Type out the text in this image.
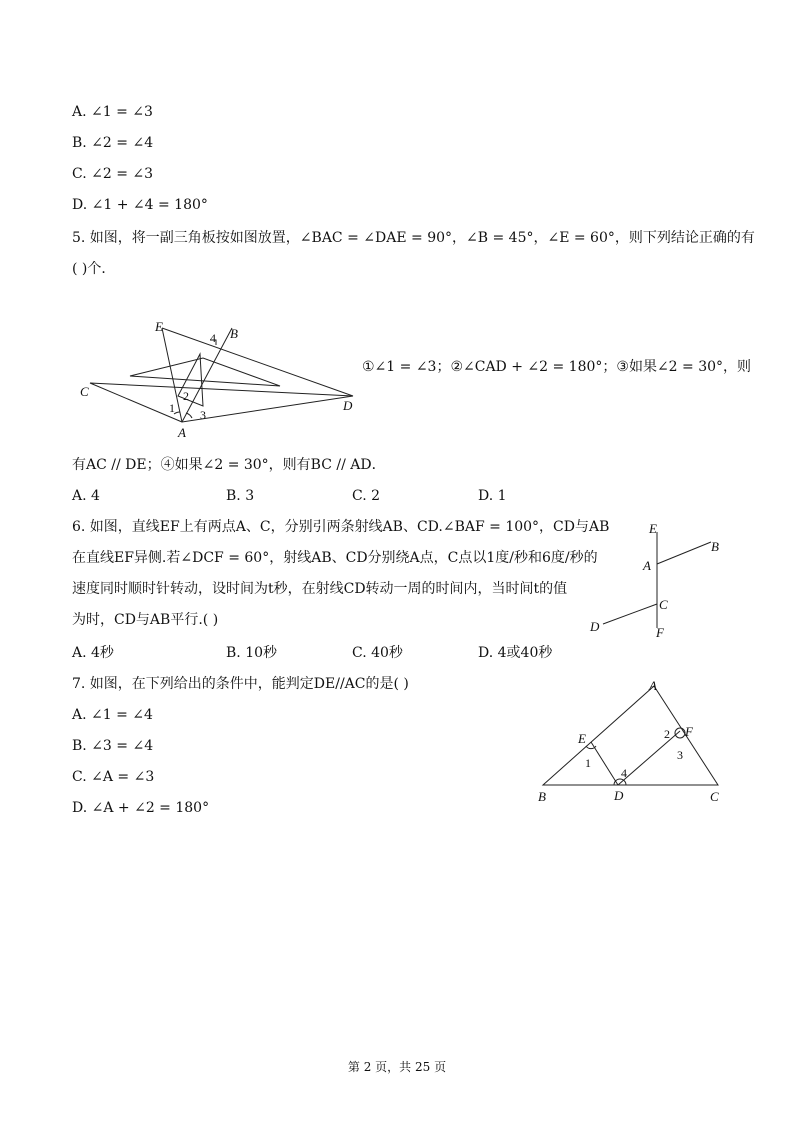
A. ∠1 = ∠3
B. ∠2 = ∠4
C. ∠2 = ∠3
D. ∠1 + ∠4 = 180°
5. 如图，将一副三角板按如图放置，∠BAC = ∠DAE = 90°，∠B = 45°，∠E = 60°，则下列结论正确的有
( )个．
E	B
C
D
A
1
2
3
4
①∠1 = ∠3；②∠CAD + ∠2 = 180°；③如果∠2 = 30°，则
有AC // DE；④如果∠2 = 30°，则有BC // AD．
A. 4	B. 3	C. 2	D. 1
6. 如图，直线EF上有两点A、C，分别引两条射线AB、CD.∠BAF = 100°，CD与AB
在直线EF异侧.若∠DCF = 60°，射线AB、CD分别绕A点，C点以1度/秒和6度/秒的
速度同时顺时针转动，设时间为t秒，在射线CD转动一周的时间内，当时间t的值
为时，CD与AB平行.( )
E
B
A
C
D	F
A. 4秒	B. 10秒	C. 40秒	D. 4或40秒
7. 如图，在下列给出的条件中，能判定DE//AC的是( )
A. ∠1 = ∠4
B. ∠3 = ∠4
C. ∠A = ∠3
D. ∠A + ∠2 = 180°
A
E	F
B	D	C
1
2
3
4
第 2 页，共 25 页
